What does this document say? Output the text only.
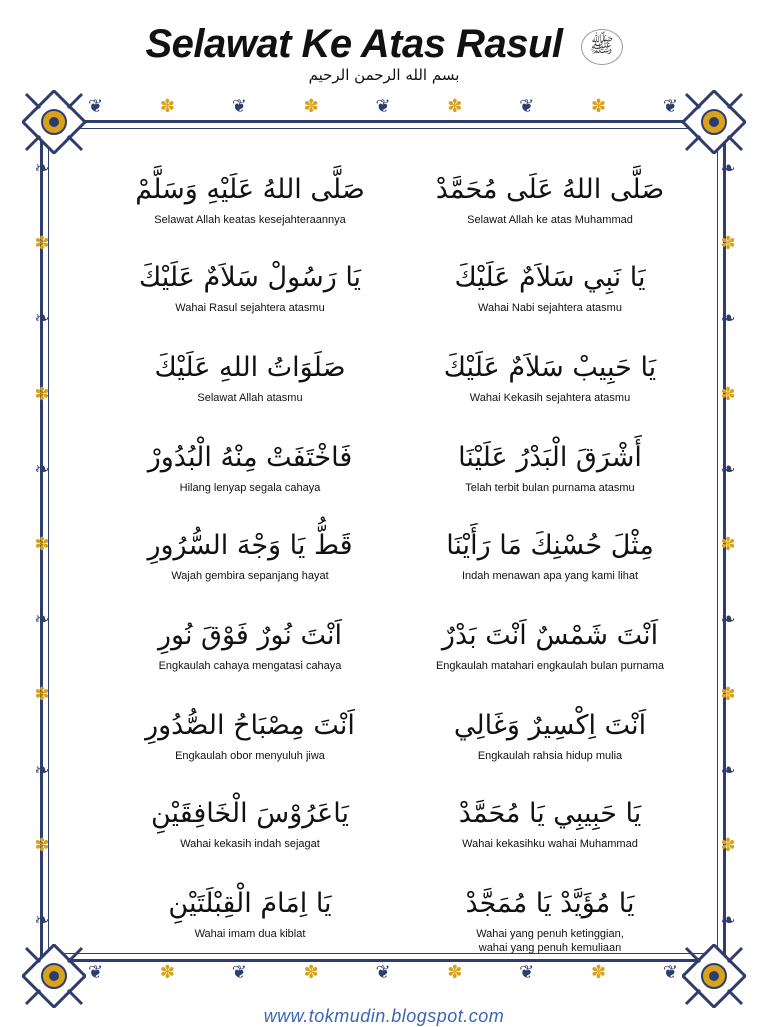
Selawat Ke Atas Rasul	ﷺ
بسم الله الرحمن الرحيم
❦	✽	❦	✽	❦	✽	❦	✽	❦
❦	✽	❦	✽	❦	✽	❦	✽	❦
❧
✽
❧
✽
❧
✽
❧
✽
❧
✽
❧
❧
✽
❧
✽
❧
✽
❧
✽
❧
✽
❧
صَلَّى اللهُ عَلَيْهِ وَسَلَّمْ
Selawat Allah keatas kesejahteraannya
صَلَّى اللهُ عَلَى مُحَمَّدْ
Selawat Allah ke atas Muhammad
يَا رَسُولْ سَلاَمٌ عَلَيْكَ
Wahai Rasul sejahtera atasmu
يَا نَبِي سَلاَمٌ عَلَيْكَ
Wahai Nabi sejahtera atasmu
صَلَوَاتُ اللهِ عَلَيْكَ
Selawat Allah atasmu
يَا حَبِيبْ سَلاَمٌ عَلَيْكَ
Wahai Kekasih sejahtera atasmu
فَاخْتَفَتْ مِنْهُ الْبُدُورْ
Hilang lenyap segala cahaya
أَشْرَقَ الْبَدْرُ عَلَيْنَا
Telah terbit bulan purnama atasmu
قَطُّ يَا وَجْهَ السُّرُورِ
Wajah gembira sepanjang hayat
مِثْلَ حُسْنِكَ مَا رَأَيْنَا
Indah menawan apa yang kami lihat
اَنْتَ نُورٌ فَوْقَ نُورِ
Engkaulah cahaya mengatasi cahaya
اَنْتَ شَمْسٌ اَنْتَ بَدْرٌ
Engkaulah matahari engkaulah bulan purnama
اَنْتَ مِصْبَاحُ الصُّدُورِ
Engkaulah obor menyuluh jiwa
اَنْتَ اِكْسِيرٌ وَغَالِي
Engkaulah rahsia hidup mulia
يَاعَرُوْسَ الْخَافِقَيْنِ
Wahai kekasih indah sejagat
يَا حَبِيبِي يَا مُحَمَّدْ
Wahai kekasihku wahai Muhammad
يَا اِمَامَ الْقِبْلَتَيْنِ
Wahai imam dua kiblat
يَا مُؤَيَّدْ يَا مُمَجَّدْ
Wahai yang penuh ketinggian,
wahai yang penuh kemuliaan
www.tokmudin.blogspot.com
